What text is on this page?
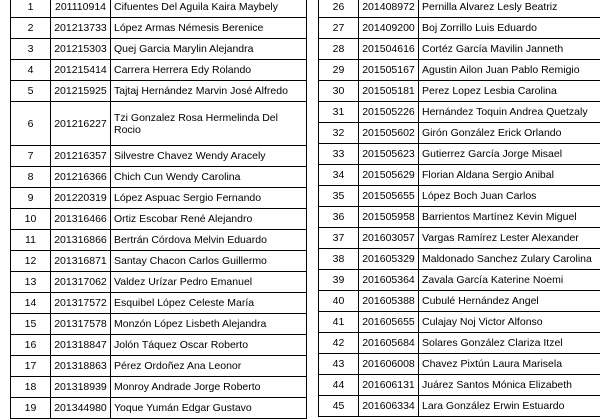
1	201110914	Cifuentes Del Aguila Kaira Maybely
2	201213733	López Armas Némesis Berenice
3	201215303	Quej Garcia Marylin Alejandra
4	201215414	Carrera Herrera Edy Rolando
5	201215925	Tajtaj Hernández Marvin José Alfredo
6	201216227	Tzi Gonzalez Rosa Hermelinda Del Rocio
7	201216357	Silvestre Chavez Wendy Aracely
8	201216366	Chich Cun Wendy Carolina
9	201220319	López Aspuac Sergio Fernando
10	201316466	Ortiz Escobar René Alejandro
11	201316866	Bertrán Córdova Melvin Eduardo
12	201316871	Santay Chacon Carlos Guillermo
13	201317062	Valdez Urízar Pedro Emanuel
14	201317572	Esquibel López Celeste María
15	201317578	Monzón López Lisbeth Alejandra
16	201318847	Jolón Táquez Oscar Roberto
17	201318863	Pérez Ordoñez Ana Leonor
18	201318939	Monroy Andrade Jorge Roberto
19	201344980	Yoque Yumán Edgar Gustavo
26	201408972	Pernilla Alvarez Lesly Beatriz
27	201409200	Boj Zorrillo Luis Eduardo
28	201504616	Cortéz García Mavilin Janneth
29	201505167	Agustin Ailon Juan Pablo Remigio
30	201505181	Perez Lopez Lesbia Carolina
31	201505226	Hernández Toquin Andrea Quetzaly
32	201505602	Girón González Erick Orlando
33	201505623	Gutierrez García Jorge Misael
34	201505629	Florian Aldana Sergio Anibal
35	201505655	López Boch Juan Carlos
36	201505958	Barrientos Martínez Kevin Miguel
37	201603057	Vargas Ramírez Lester Alexander
38	201605329	Maldonado Sanchez Zulary Carolina
39	201605364	Zavala García Katerine Noemi
40	201605388	Cubulé Hernández Angel
41	201605655	Culajay Noj Victor Alfonso
42	201605684	Solares González Clariza Itzel
43	201606008	Chavez Pixtún Laura Marisela
44	201606131	Juárez Santos Mónica Elizabeth
45	201606334	Lara González Erwin Estuardo
